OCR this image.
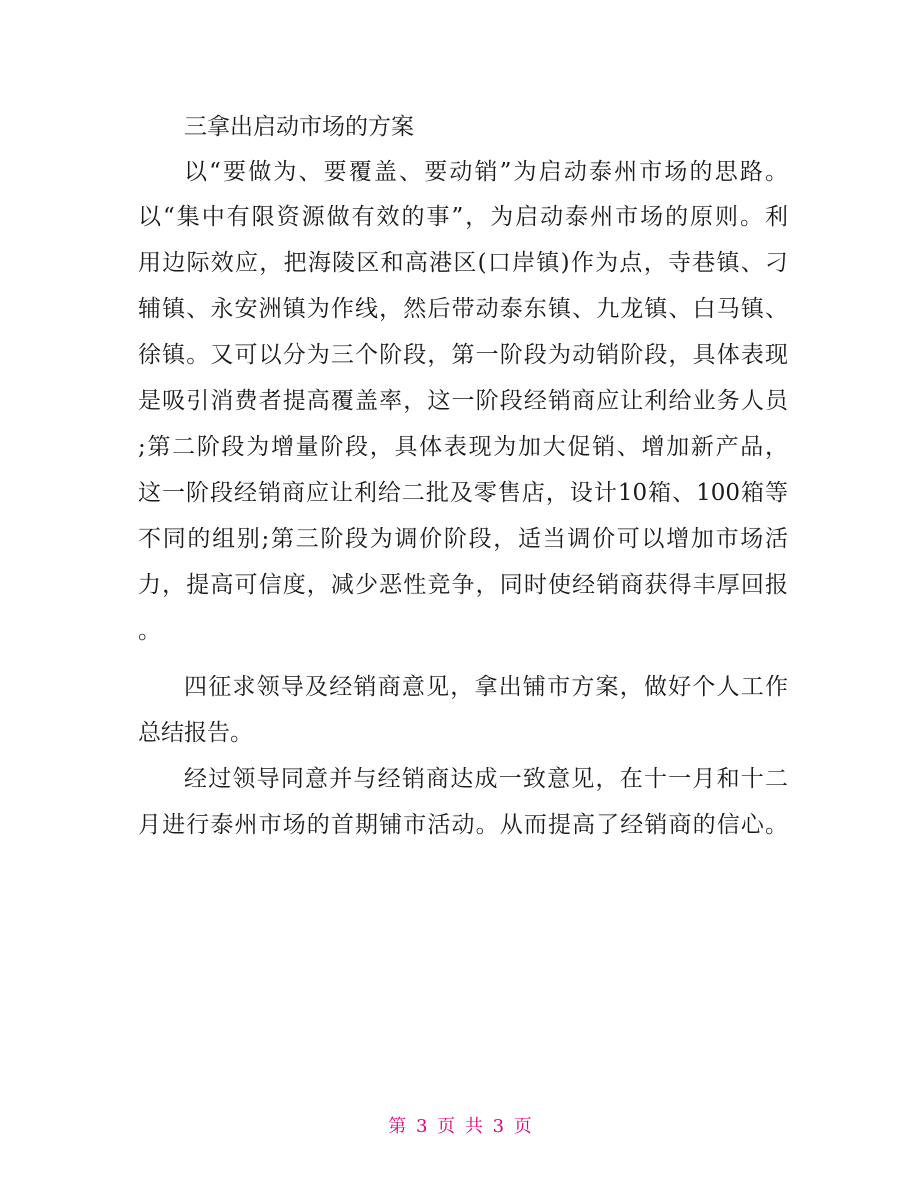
三拿出启动市场的方案
以“要做为、要覆盖、要动销”为启动泰州市场的思路。
以“集中有限资源做有效的事”，为启动泰州市场的原则。利
用边际效应，把海陵区和高港区(口岸镇)作为点，寺巷镇、刁
辅镇、永安洲镇为作线，然后带动泰东镇、九龙镇、白马镇、
徐镇。又可以分为三个阶段，第一阶段为动销阶段，具体表现
是吸引消费者提高覆盖率，这一阶段经销商应让利给业务人员
;第二阶段为增量阶段，具体表现为加大促销、增加新产品，
这一阶段经销商应让利给二批及零售店，设计10箱、100箱等
不同的组别;第三阶段为调价阶段，适当调价可以增加市场活
力，提高可信度，减少恶性竞争，同时使经销商获得丰厚回报
。
四征求领导及经销商意见，拿出铺市方案，做好个人工作
总结报告。
经过领导同意并与经销商达成一致意见，在十一月和十二
月进行泰州市场的首期铺市活动。从而提高了经销商的信心。
第 3 页 共 3 页
